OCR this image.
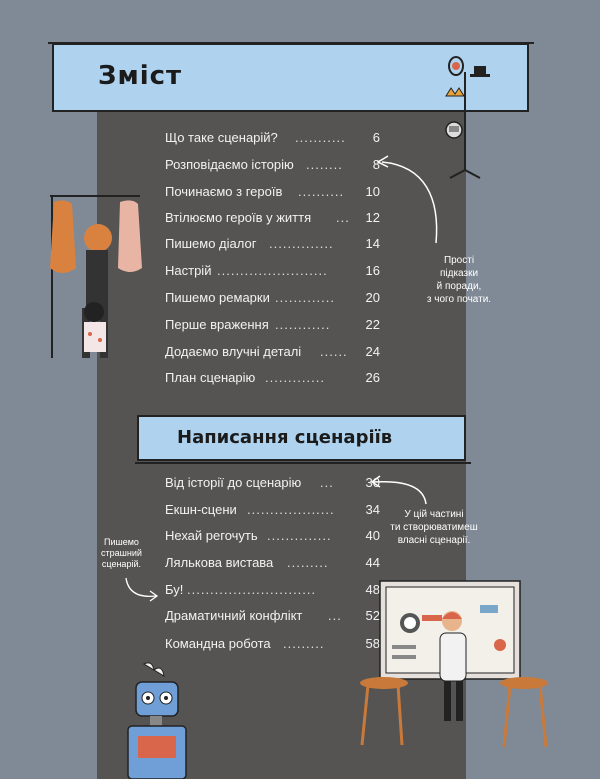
Зміст
Що таке сценарій? ........... 6
Розповідаємо історію ........ 8
Починаємо з героїв .......... 10
Втілюємо героїв у життя ... 12
Пишемо діалог .............. 14
Настрій ........................	16
Пишемо ремарки ............. 20
Перше враження ............	22
Додаємо влучні деталі ...... 24
План сценарію .............	26
Прості
підказки
й поради,
з чого почати.
Написання сценаріїв
Від історії до сценарію ... 30
Екшн-сцени ................... 34
Нехай регочуть ..............	40
Лялькова вистава .........	44
Бу! ............................	48
Драматичний конфлікт ... 52
Командна робота .........	58
У цій частині
ти створюватимеш
власні сценарії.
Пишемо
страшний
сценарій.
